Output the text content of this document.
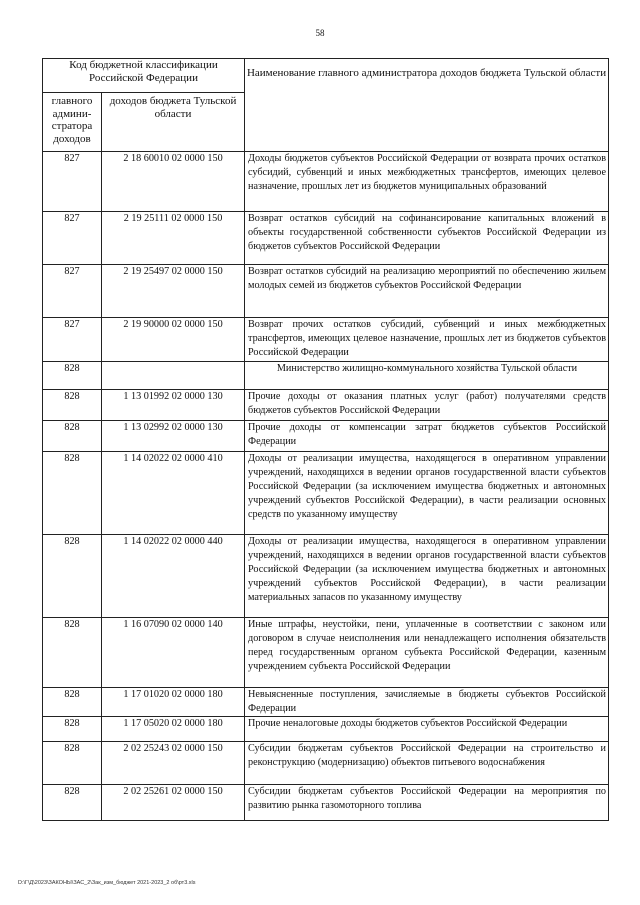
58
Код бюджетной классификации Российской Федерации		Наименование главного администратора доходов бюджета Тульской области
главного админи-стратора доходов	доходов бюджета Тульской области	
827	2 18 60010 02 0000 150	Доходы бюджетов субъектов Российской Федерации от возврата прочих остатков субсидий, субвенций и иных межбюджетных трансфертов, имеющих целевое назначение, прошлых лет из бюджетов муниципальных образований
827	2 19 25111 02 0000 150	Возврат остатков субсидий на софинансирование капитальных вложений в объекты государственной собственности субъектов Российской Федерации из бюджетов субъектов Российской Федерации
827	2 19 25497 02 0000 150	Возврат остатков субсидий на реализацию мероприятий по обеспечению жильем молодых семей из бюджетов субъектов Российской Федерации
827	2 19 90000 02 0000 150	Возврат прочих остатков субсидий, субвенций и иных межбюджетных трансфертов, имеющих целевое назначение, прошлых лет из бюджетов субъектов Российской Федерации
828		Министерство жилищно-коммунального хозяйства Тульской области
828	1 13 01992 02 0000 130	Прочие доходы от оказания платных услуг (работ) получателями средств бюджетов субъектов Российской Федерации
828	1 13 02992 02 0000 130	Прочие доходы от компенсации затрат бюджетов субъектов Российской Федерации
828	1 14 02022 02 0000 410	Доходы от реализации имущества, находящегося в оперативном управлении учреждений, находящихся в ведении органов государственной власти субъектов Российской Федерации (за исключением имущества бюджетных и автономных учреждений субъектов Российской Федерации), в части реализации основных средств по указанному имуществу
828	1 14 02022 02 0000 440	Доходы от реализации имущества, находящегося в оперативном управлении учреждений, находящихся в ведении органов государственной власти субъектов Российской Федерации (за исключением имущества бюджетных и автономных учреждений субъектов Российской Федерации), в части реализации материальных запасов по указанному имуществу
828	1 16 07090 02 0000 140	Иные штрафы, неустойки, пени, уплаченные в соответствии с законом или договором в случае неисполнения или ненадлежащего исполнения обязательств перед государственным органом субъекта Российской Федерации, казенным учреждением субъекта Российской Федерации
828	1 17 01020 02 0000 180	Невыясненные поступления, зачисляемые в бюджеты субъектов Российской Федерации
828	1 17 05020 02 0000 180	Прочие неналоговые доходы бюджетов субъектов Российской Федерации
828	2 02 25243 02 0000 150	Субсидии бюджетам субъектов Российской Федерации на строительство и реконструкцию (модернизацию) объектов питьевого водоснабжения
828	2 02 25261 02 0000 150	Субсидии бюджетам субъектов Российской Федерации на мероприятия по развитию рынка газомоторного топлива
D:\Г\Д\2023\ЗАКОНЫ\ЗАС_2\Зак_изм_бюджет 2021-2023_2 об\рт3.xls
